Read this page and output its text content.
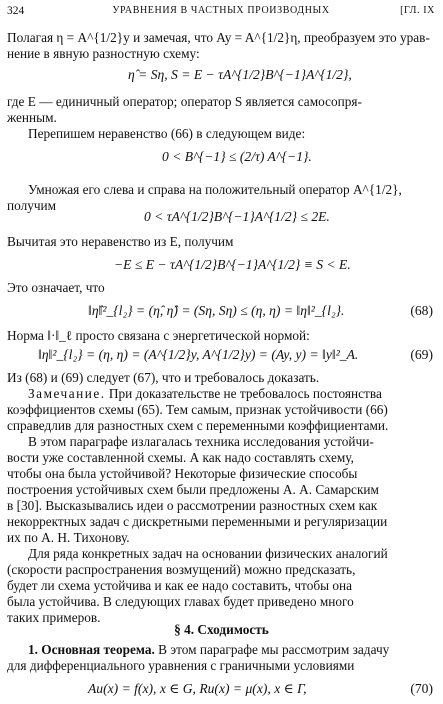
324	УРАВНЕНИЯ В ЧАСТНЫХ ПРОИЗВОДНЫХ	[ГЛ. IX
Полагая η = A^{1/2}y и замечая, что Ay = A^{1/2}η, преобразуем это урав-
нение в явную разностную схему:
η̂ = Sη, S = E − τA^{1/2}B^{−1}A^{1/2},
где E — единичный оператор; оператор S является самосопря-
женным.
Перепишем неравенство (66) в следующем виде:
0 < B^{−1} ≤ (2/τ) A^{−1}.
Умножая его слева и справа на положительный оператор A^{1/2},
получим
0 < τA^{1/2}B^{−1}A^{1/2} ≤ 2E.
Вычитая это неравенство из E, получим
−E ≤ E − τA^{1/2}B^{−1}A^{1/2} ≡ S < E.
Это означает, что
‖η̂‖²_{l₂} = (η̂, η̂) = (Sη, Sη) ≤ (η, η) = ‖η‖²_{l₂}.	(68)
Норма ‖·‖_ℓ просто связана с энергетической нормой:
‖η‖²_{l₂} = (η, η) = (A^{1/2}y, A^{1/2}y) = (Ay, y) = ‖y‖²_A.	(69)
Из (68) и (69) следует (67), что и требовалось доказать.
Замечание. При доказательстве не требовалось постоянства
коэффициентов схемы (65). Тем самым, признак устойчивости (66)
справедлив для разностных схем с переменными коэффициентами.
В этом параграфе излагалась техника исследования устойчи-
вости уже составленной схемы. А как надо составлять схему,
чтобы она была устойчивой? Некоторые физические способы
построения устойчивых схем были предложены А. А. Самарским
в [30]. Высказывались идеи о рассмотрении разностных схем как
некорректных задач с дискретными переменными и регуляризации
их по А. Н. Тихонову.
Для ряда конкретных задач на основании физических аналогий
(скорости распространения возмущений) можно предсказать,
будет ли схема устойчива и как ее надо составить, чтобы она
была устойчива. В следующих главах будет приведено много
таких примеров.
§ 4. Сходимость
1. Основная теорема. В этом параграфе мы рассмотрим задачу
для дифференциального уравнения с граничными условиями
Au(x) = f(x), x ∈ G, Ru(x) = μ(x), x ∈ Γ,	(70)
